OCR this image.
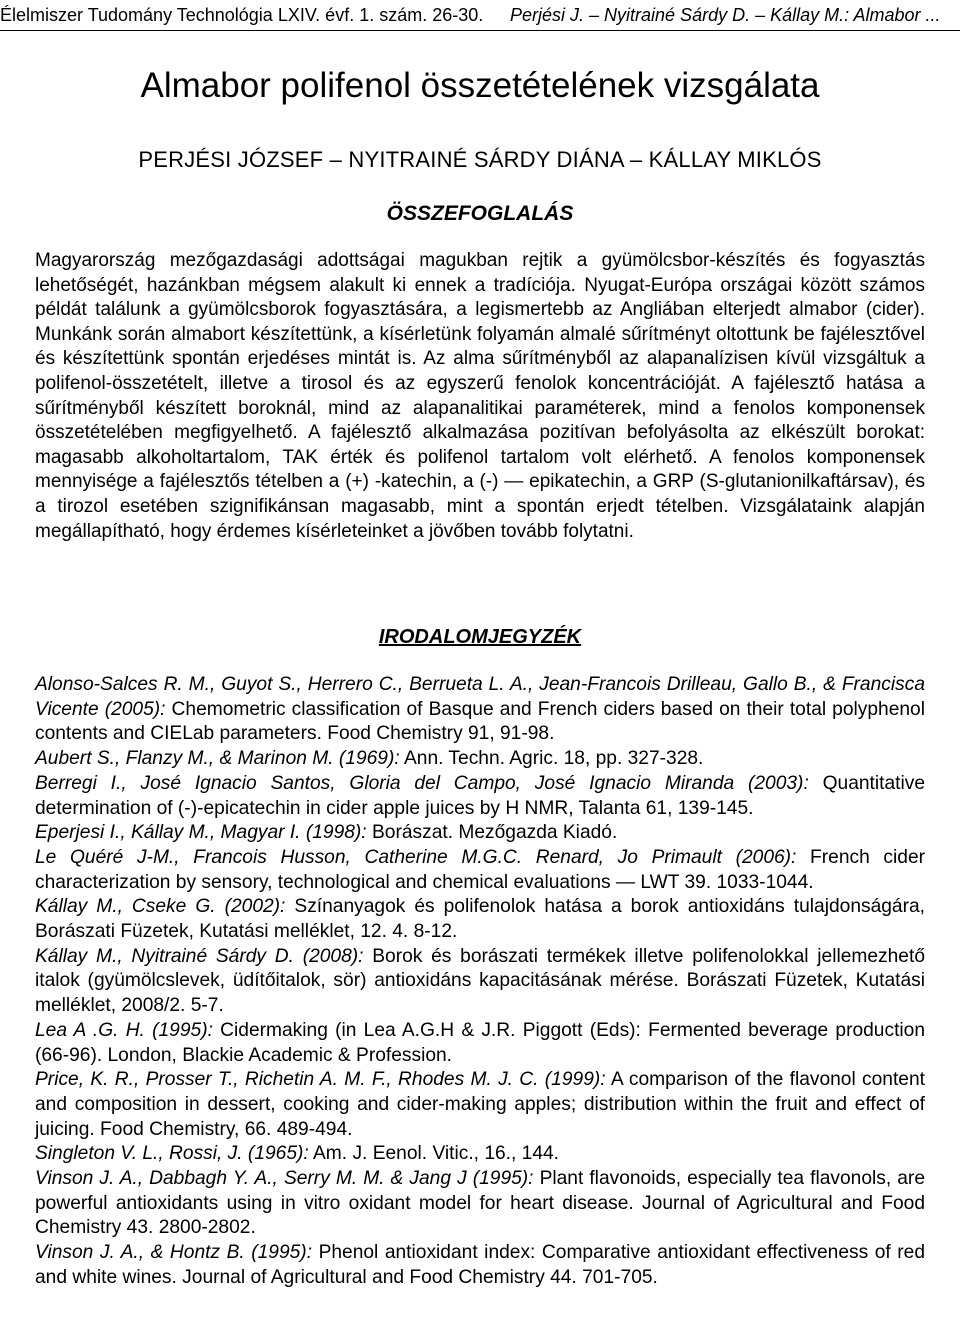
Élelmiszer Tudomány Technológia LXIV. évf. 1. szám. 26-30. Perjési J. – Nyitrainé Sárdy D. – Kállay M.: Almabor ...
Almabor polifenol összetételének vizsgálata
PERJÉSI JÓZSEF – NYITRAINÉ SÁRDY DIÁNA – KÁLLAY MIKLÓS
ÖSSZEFOGLALÁS

Magyarország mezőgazdasági adottságai magukban rejtik a gyümölcsbor-készítés és fogyasztás lehetőségét, hazánkban mégsem alakult ki ennek a tradíciója. Nyugat-Európa országai között számos példát találunk a gyümölcsborok fogyasztására, a legismertebb az Angliában elterjedt almabor (cider). Munkánk során almabort készítettünk, a kísérletünk folyamán almalé sűrítményt oltottunk be fajélesztővel és készítettünk spontán erjedéses mintát is. Az alma sűrítményből az alapanalízisen kívül vizsgáltuk a polifenol-összetételt, illetve a tirosol és az egyszerű fenolok koncentrációját. A fajélesztő hatása a sűrítményből készített boroknál, mind az alapanalitikai paraméterek, mind a fenolos komponensek összetételében megfigyelhető. A fajélesztő alkalmazása pozitívan befolyásolta az elkészült borokat: magasabb alkoholtartalom, TAK érték és polifenol tartalom volt elérhető. A fenolos komponensek mennyisége a fajélesztős tételben a (+) -katechin, a (-) — epikatechin, a GRP (S-glutanionilkaftársav), és a tirozol esetében szignifikánsan magasabb, mint a spontán erjedt tételben. Vizsgálataink alapján megállapítható, hogy érdemes kísérleteinket a jövőben tovább folytatni.

IRODALOMJEGYZÉK
Alonso-Salces R. M., Guyot S., Herrero C., Berrueta L. A., Jean-Francois Drilleau, Gallo B., & Francisca Vicente (2005): Chemometric classification of Basque and French ciders based on their total polyphenol contents and CIELab parameters. Food Chemistry 91, 91-98.
Aubert S., Flanzy M., & Marinon M. (1969): Ann. Techn. Agric. 18, pp. 327-328.
Berregi I., José Ignacio Santos, Gloria del Campo, José Ignacio Miranda (2003): Quantitative determination of (-)-epicatechin in cider apple juices by H NMR, Talanta 61, 139-145.
Eperjesi I., Kállay M., Magyar I. (1998): Borászat. Mezőgazda Kiadó.
Le Quéré J-M., Francois Husson, Catherine M.G.C. Renard, Jo Primault (2006): French cider characterization by sensory, technological and chemical evaluations — LWT 39. 1033-1044.
Kállay M., Cseke G. (2002): Színanyagok és polifenolok hatása a borok antioxidáns tulajdonságára, Borászati Füzetek, Kutatási melléklet, 12. 4. 8-12.
Kállay M., Nyitrainé Sárdy D. (2008): Borok és borászati termékek illetve polifenolokkal jellemezhető italok (gyümölcslevek, üdítőitalok, sör) antioxidáns kapacitásának mérése. Borászati Füzetek, Kutatási melléklet, 2008/2. 5-7.
Lea A .G. H. (1995): Cidermaking (in Lea A.G.H & J.R. Piggott (Eds): Fermented beverage production (66-96). London, Blackie Academic & Profession.
Price, K. R., Prosser T., Richetin A. M. F., Rhodes M. J. C. (1999): A comparison of the flavonol content and composition in dessert, cooking and cider-making apples; distribution within the fruit and effect of juicing. Food Chemistry, 66. 489-494.
Singleton V. L., Rossi, J. (1965): Am. J. Eenol. Vitic., 16., 144.
Vinson J. A., Dabbagh Y. A., Serry M. M. & Jang J (1995): Plant flavonoids, especially tea flavonols, are powerful antioxidants using in vitro oxidant model for heart disease. Journal of Agricultural and Food Chemistry 43. 2800-2802.
Vinson J. A., & Hontz B. (1995): Phenol antioxidant index: Comparative antioxidant effectiveness of red and white wines. Journal of Agricultural and Food Chemistry 44. 701-705.
